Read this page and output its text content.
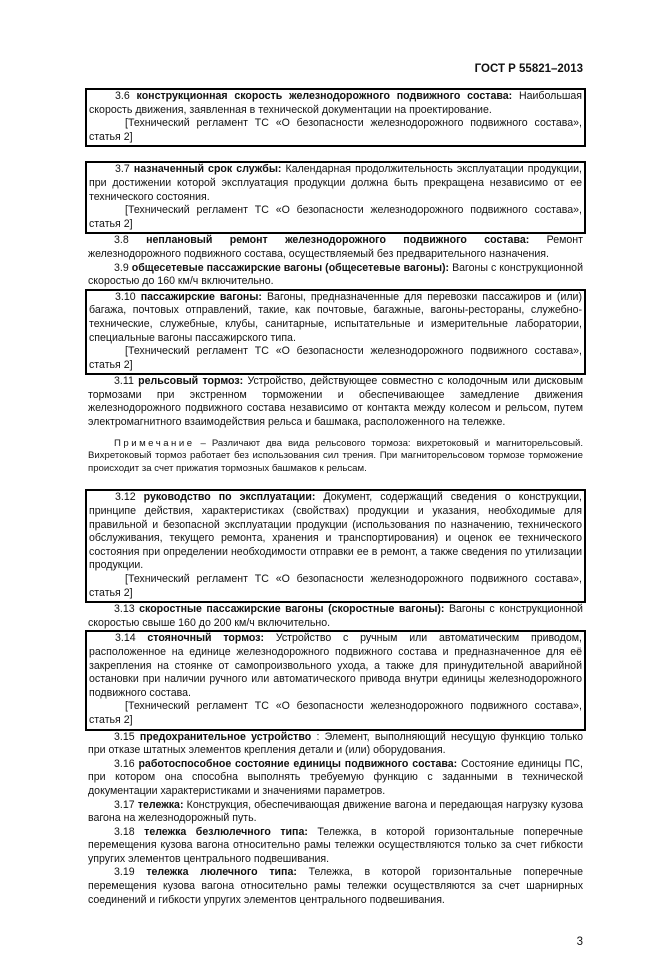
ГОСТ Р 55821–2013

3.6 конструкционная скорость железнодорожного подвижного состава: Наибольшая скорость движения, заявленная в технической документации на проектирование.

[Технический регламент ТС «О безопасности железнодорожного подвижного состава», статья 2]

3.7 назначенный срок службы: Календарная продолжительность эксплуатации продукции, при достижении которой эксплуатация продукции должна быть прекращена независимо от ее технического состояния.

[Технический регламент ТС «О безопасности железнодорожного подвижного состава», статья 2]

3.8 неплановый ремонт железнодорожного подвижного состава: Ремонт железнодорожного подвижного состава, осуществляемый без предварительного назначения.

3.9 общесетевые пассажирские вагоны (общесетевые вагоны): Вагоны с конструкционной скоростью до 160 км/ч включительно.

3.10 пассажирские вагоны: Вагоны, предназначенные для перевозки пассажиров и (или) багажа, почтовых отправлений, такие, как почтовые, багажные, вагоны-рестораны, служебно-технические, служебные, клубы, санитарные, испытательные и измерительные лаборатории, специальные вагоны пассажирского типа.

[Технический регламент ТС «О безопасности железнодорожного подвижного состава», статья 2]

3.11 рельсовый тормоз: Устройство, действующее совместно с колодочным или дисковым тормозами при экстренном торможении и обеспечивающее замедление движения железнодорожного подвижного состава независимо от контакта между колесом и рельсом, путем электромагнитного взаимодействия рельса и башмака, расположенного на тележке.

Примечание – Различают два вида рельсового тормоза: вихретоковый и магниторельсовый. Вихретоковый тормоз работает без использования сил трения. При магниторельсовом тормозе торможение происходит за счет прижатия тормозных башмаков к рельсам.

3.12 руководство по эксплуатации: Документ, содержащий сведения о конструкции, принципе действия, характеристиках (свойствах) продукции и указания, необходимые для правильной и безопасной эксплуатации продукции (использования по назначению, технического обслуживания, текущего ремонта, хранения и транспортирования) и оценок ее технического состояния при определении необходимости отправки ее в ремонт, а также сведения по утилизации продукции.

[Технический регламент ТС «О безопасности железнодорожного подвижного состава», статья 2]

3.13 скоростные пассажирские вагоны (скоростные вагоны): Вагоны с конструкционной скоростью свыше 160 до 200 км/ч включительно.

3.14 стояночный тормоз: Устройство с ручным или автоматическим приводом, расположенное на единице железнодорожного подвижного состава и предназначенное для её закрепления на стоянке от самопроизвольного ухода, а также для принудительной аварийной остановки при наличии ручного или автоматического привода внутри единицы железнодорожного подвижного состава.

[Технический регламент ТС «О безопасности железнодорожного подвижного состава», статья 2]

3.15 предохранительное устройство : Элемент, выполняющий несущую функцию только при отказе штатных элементов крепления детали и (или) оборудования.

3.16 работоспособное состояние единицы подвижного состава: Состояние единицы ПС, при котором она способна выполнять требуемую функцию с заданными в технической документации характеристиками и значениями параметров.

3.17 тележка: Конструкция, обеспечивающая движение вагона и передающая нагрузку кузова вагона на железнодорожный путь.

3.18 тележка безлюлечного типа: Тележка, в которой горизонтальные поперечные перемещения кузова вагона относительно рамы тележки осуществляются только за счет гибкости упругих элементов центрального подвешивания.

3.19 тележка люлечного типа: Тележка, в которой горизонтальные поперечные перемещения кузова вагона относительно рамы тележки осуществляются за счет шарнирных соединений и гибкости упругих элементов центрального подвешивания.

3
